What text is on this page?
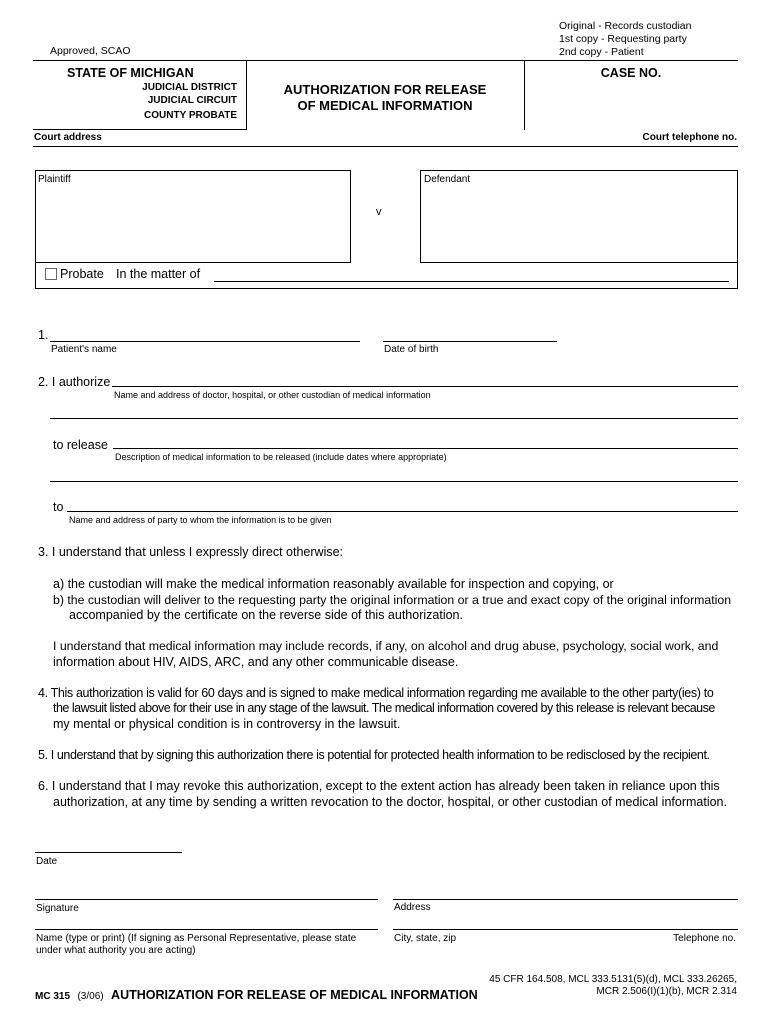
Original - Records custodian
1st copy - Requesting party
2nd copy - Patient
Approved, SCAO
STATE OF MICHIGAN
JUDICIAL DISTRICT
JUDICIAL CIRCUIT
COUNTY PROBATE
AUTHORIZATION FOR RELEASE
OF MEDICAL INFORMATION
CASE NO.
Court address	Court telephone no.
Plaintiff
v
Defendant
Probate In the matter of
1.
Patient's name	Date of birth
2. I authorize
Name and address of doctor, hospital, or other custodian of medical information
to release
Description of medical information to be released (include dates where appropriate)
to
Name and address of party to whom the information is to be given
3. I understand that unless I expressly direct otherwise:
a) the custodian will make the medical information reasonably available for inspection and copying, or
b) the custodian will deliver to the requesting party the original information or a true and exact copy of the original information
accompanied by the certificate on the reverse side of this authorization.
I understand that medical information may include records, if any, on alcohol and drug abuse, psychology, social work, and
information about HIV, AIDS, ARC, and any other communicable disease.
4. This authorization is valid for 60 days and is signed to make medical information regarding me available to the other party(ies) to
the lawsuit listed above for their use in any stage of the lawsuit. The medical information covered by this release is relevant because
my mental or physical condition is in controversy in the lawsuit.
5. I understand that by signing this authorization there is potential for protected health information to be redisclosed by the recipient.
6. I understand that I may revoke this authorization, except to the extent action has already been taken in reliance upon this
authorization, at any time by sending a written revocation to the doctor, hospital, or other custodian of medical information.
Date
Signature	Address
Name (type or print) (If signing as Personal Representative, please state
under what authority you are acting)
City, state, zip	Telephone no.
45 CFR 164.508, MCL 333.5131(5)(d), MCL 333.26265,
MCR 2.506(I)(1)(b), MCR 2.314
MC 315 (3/06) AUTHORIZATION FOR RELEASE OF MEDICAL INFORMATION
